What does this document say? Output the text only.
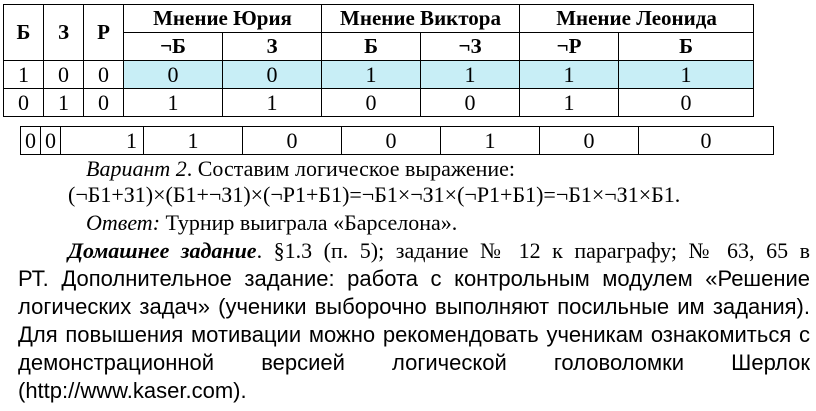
Б	З	Р	Мнение Юрия		Мнение Виктора		Мнение Леонида	
			¬Б	З	Б	¬З	¬Р	Б
1	0	0	0	0	1	1	1	1
0	1	0	1	1	0	0	1	0
0	0	1	1	0	0	1	0	0
Вариант 2. Составим логическое выражение:
(¬Б1+З1)×(Б1+¬З1)×(¬Р1+Б1)=¬Б1×¬З1×(¬Р1+Б1)=¬Б1×¬З1×Б1.
Ответ: Турнир выиграла «Барселона».
Домашнее задание. §1.3 (п. 5); задание № 12 к параграфу; № 63, 65 в
РТ. Дополнительное задание: работа с контрольным модулем «Решение
логических задач» (ученики выборочно выполняют посильные им задания).
Для повышения мотивации можно рекомендовать ученикам ознакомиться с
демонстрационной версией логической головоломки Шерлок
(http://www.kaser.com).
